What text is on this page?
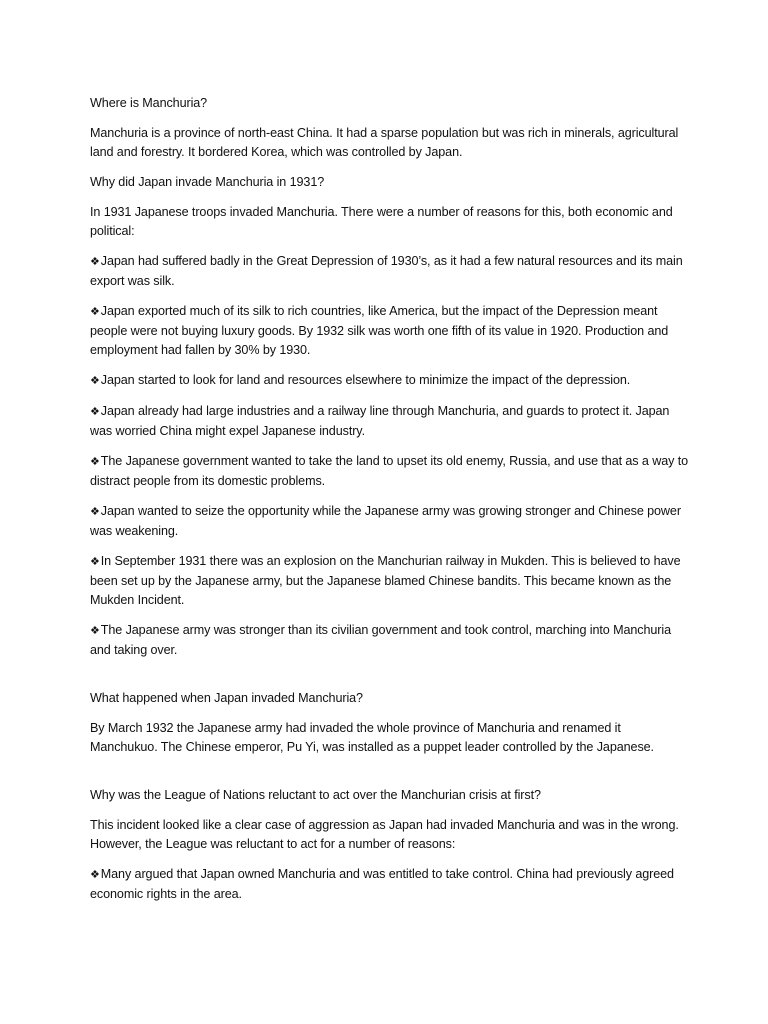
Where is Manchuria?

Manchuria is a province of north-east China. It had a sparse population but was rich in minerals, agricultural land and forestry. It bordered Korea, which was controlled by Japan.

Why did Japan invade Manchuria in 1931?

In 1931 Japanese troops invaded Manchuria. There were a number of reasons for this, both economic and political:

❖ Japan had suffered badly in the Great Depression of 1930’s, as it had a few natural resources and its main export was silk.

❖ Japan exported much of its silk to rich countries, like America, but the impact of the Depression meant people were not buying luxury goods. By 1932 silk was worth one fifth of its value in 1920. Production and employment had fallen by 30% by 1930.

❖ Japan started to look for land and resources elsewhere to minimize the impact of the depression.

❖ Japan already had large industries and a railway line through Manchuria, and guards to protect it. Japan was worried China might expel Japanese industry.

❖ The Japanese government wanted to take the land to upset its old enemy, Russia, and use that as a way to distract people from its domestic problems.

❖ Japan wanted to seize the opportunity while the Japanese army was growing stronger and Chinese power was weakening.

❖ In September 1931 there was an explosion on the Manchurian railway in Mukden. This is believed to have been set up by the Japanese army, but the Japanese blamed Chinese bandits. This became known as the Mukden Incident.

❖ The Japanese army was stronger than its civilian government and took control, marching into Manchuria and taking over.

What happened when Japan invaded Manchuria?

By March 1932 the Japanese army had invaded the whole province of Manchuria and renamed it Manchukuo. The Chinese emperor, Pu Yi, was installed as a puppet leader controlled by the Japanese.

Why was the League of Nations reluctant to act over the Manchurian crisis at first?

This incident looked like a clear case of aggression as Japan had invaded Manchuria and was in the wrong. However, the League was reluctant to act for a number of reasons:

❖ Many argued that Japan owned Manchuria and was entitled to take control. China had previously agreed economic rights in the area.
